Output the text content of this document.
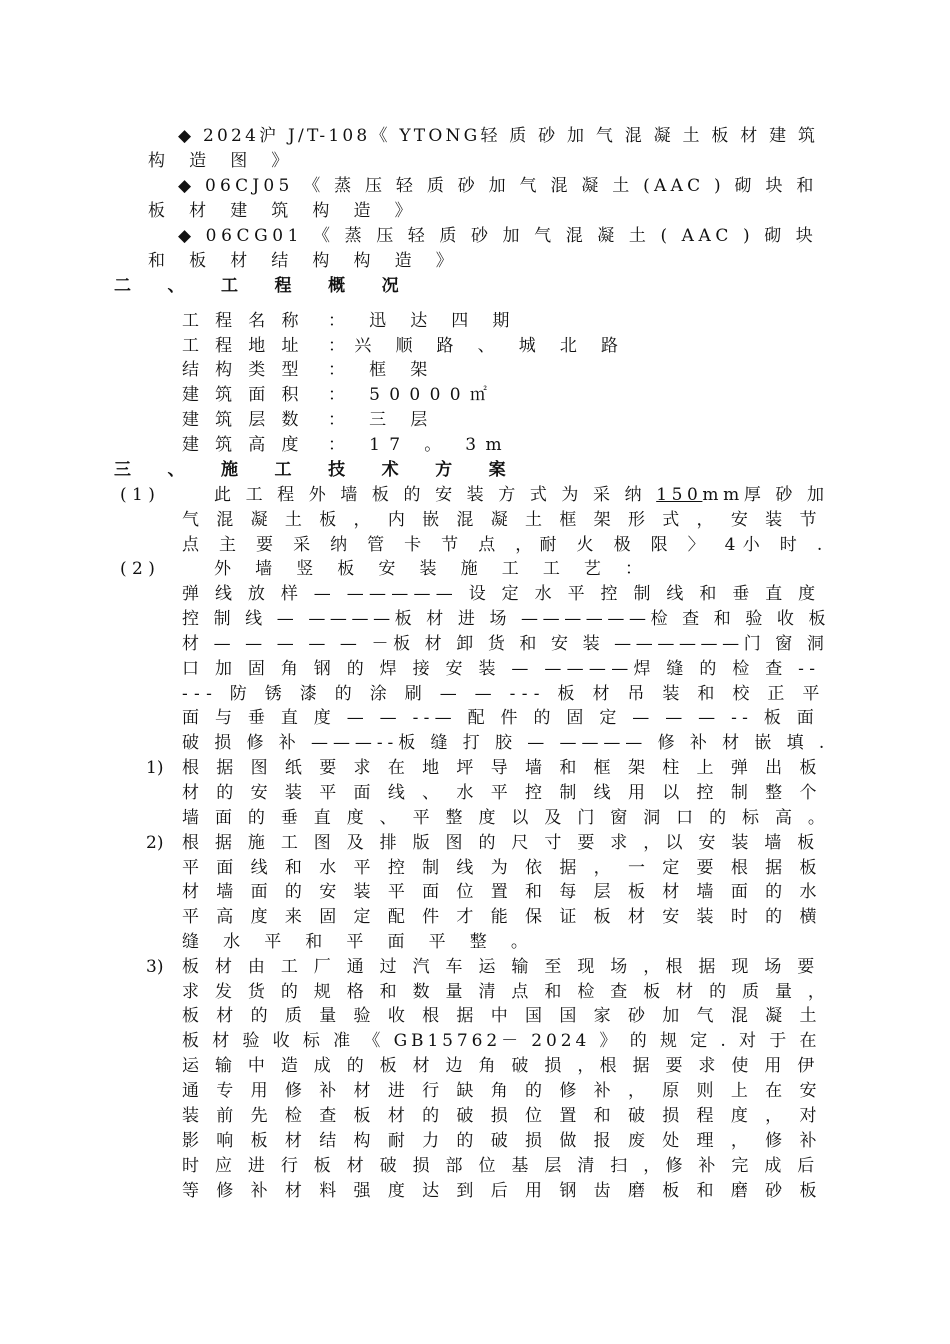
◆ 2024沪 J/T-108《 YTONG轻 质 砂 加 气 混 凝 土 板 材 建 筑
构 造 图 》
◆ 06CJ05 《 蒸 压 轻 质 砂 加 气 混 凝 土 (AAC ) 砌 块 和
板 材 建 筑 构 造 》
◆ 06CG01 《 蒸 压 轻 质 砂 加 气 混 凝 土 ( AAC ) 砌 块
和 板 材 结 构 构 造 》
二 、 工 程 概 况
工程名称 ： 迅 达 四 期
工程地址 ：兴 顺 路 、 城 北 路
结构类型 ： 框 架
建筑面积 ： 50000㎡
建筑层数 ： 三 层
建筑高度 ： 17 。 3m
三 、 施 工 技 术 方 案
( 1 )	此 工 程 外 墙 板 的 安 装 方 式 为 采 纳 150mm厚 砂 加
气 混 凝 土 板 ， 内 嵌 混 凝 土 框 架 形 式 ， 安 装 节
点 主 要 采 纳 管 卡 节 点 ，耐 火 极 限 〉 4小 时 .
( 2 )	外 墙 竖 板 安 装 施 工 工 艺 ：
弹 线 放 样 — ————— 设 定 水 平 控 制 线 和 垂 直 度
控 制 线 — ————板 材 进 场 ——————检 查 和 验 收 板
材 — — — — — －板 材 卸 货 和 安 装 ——————门 窗 洞
口 加 固 角 钢 的 焊 接 安 装 — ————焊 缝 的 检 查 --
--- 防 锈 漆 的 涂 刷 — — --- 板 材 吊 装 和 校 正 平
面 与 垂 直 度 — — --— 配 件 的 固 定 — — — -- 板 面
破 损 修 补 ———--板 缝 打 胶 — ———— 修 补 材 嵌 填 .
1) 根 据 图 纸 要 求 在 地 坪 导 墙 和 框 架 柱 上 弹 出 板
材 的 安 装 平 面 线 、 水 平 控 制 线 用 以 控 制 整 个
墙 面 的 垂 直 度 、 平 整 度 以 及 门 窗 洞 口 的 标 高 。
2) 根 据 施 工 图 及 排 版 图 的 尺 寸 要 求 ，以 安 装 墙 板
平 面 线 和 水 平 控 制 线 为 依 据 ， 一 定 要 根 据 板
材 墙 面 的 安 装 平 面 位 置 和 每 层 板 材 墙 面 的 水
平 高 度 来 固 定 配 件 才 能 保 证 板 材 安 装 时 的 横
缝 水 平 和 平 面 平 整 。
3) 板 材 由 工 厂 通 过 汽 车 运 输 至 现 场 ，根 据 现 场 要
求 发 货 的 规 格 和 数 量 清 点 和 检 查 板 材 的 质 量 ，
板 材 的 质 量 验 收 根 据 中 国 国 家 砂 加 气 混 凝 土
板 材 验 收 标 准 《 GB15762－ 2024 》 的 规 定 . 对 于 在
运 输 中 造 成 的 板 材 边 角 破 损 ，根 据 要 求 使 用 伊
通 专 用 修 补 材 进 行 缺 角 的 修 补 ， 原 则 上 在 安
装 前 先 检 查 板 材 的 破 损 位 置 和 破 损 程 度 ， 对
影 响 板 材 结 构 耐 力 的 破 损 做 报 废 处 理 ， 修 补
时 应 进 行 板 材 破 损 部 位 基 层 清 扫 ，修 补 完 成 后
等 修 补 材 料 强 度 达 到 后 用 钢 齿 磨 板 和 磨 砂 板
